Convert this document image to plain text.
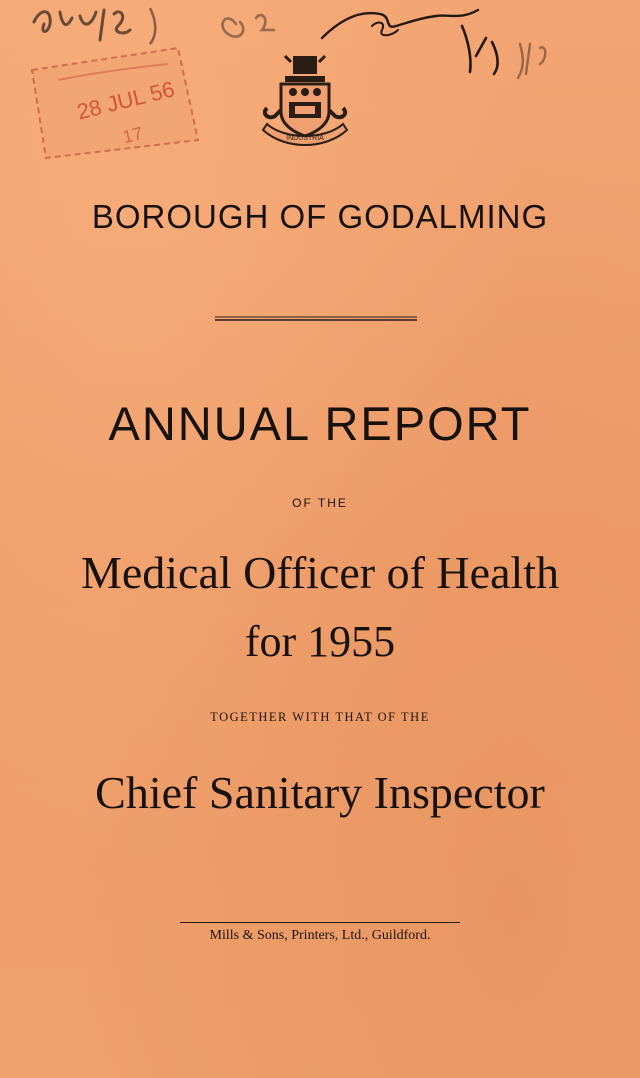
28 JUL 56
17	INDUSTRIA
BOROUGH OF GODALMING
ANNUAL REPORT
OF THE
Medical Officer of Health
for 1955
TOGETHER WITH THAT OF THE
Chief Sanitary Inspector
Mills & Sons, Printers, Ltd., Guildford.
